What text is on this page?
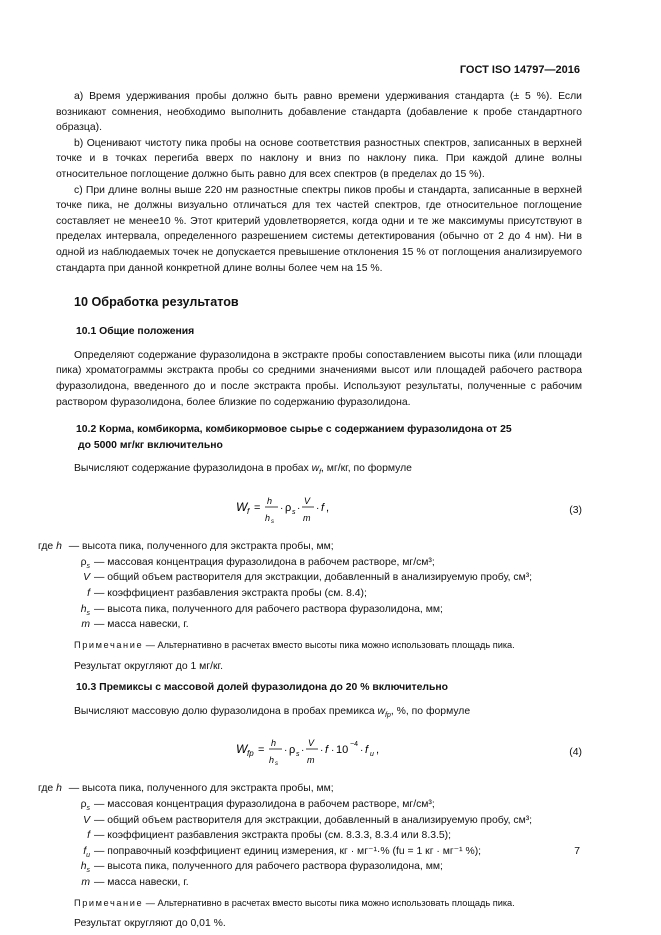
ГОСТ ISO 14797—2016

а) Время удерживания пробы должно быть равно времени удерживания стандарта (± 5 %). Если возникают сомнения, необходимо выполнить добавление стандарта (добавление к пробе стандартного образца).

b) Оценивают чистоту пика пробы на основе соответствия разностных спектров, записанных в верхней точке и в точках перегиба вверх по наклону и вниз по наклону пика. При каждой длине волны относительное поглощение должно быть равно для всех спектров (в пределах до 15 %).

c) При длине волны выше 220 нм разностные спектры пиков пробы и стандарта, записанные в верхней точке пика, не должны визуально отличаться для тех частей спектров, где относительное поглощение составляет не менее10 %. Этот критерий удовлетворяется, когда одни и те же максимумы присутствуют в пределах интервала, определенного разрешением системы детектирования (обычно от 2 до 4 нм). Ни в одной из наблюдаемых точек не допускается превышение отклонения 15 % от поглощения анализируемого стандарта при данной конкретной длине волны более чем на 15 %.

10 Обработка результатов
10.1 Общие положения

Определяют содержание фуразолидона в экстракте пробы сопоставлением высоты пика (или площади пика) хроматограммы экстракта пробы со средними значениями высот или площадей рабочего раствора фуразолидона, введенного до и после экстракта пробы. Используют результаты, полученные с рабочим раствором фуразолидона, более близкие по содержанию фуразолидона.

10.2 Корма, комбикорма, комбикормовое сырье с содержанием фуразолидона от 25
до 5000 мг/кг включительно

Вычисляют содержание фуразолидона в пробах $w_f$, мг/кг, по формуле

W f =
h
h s
· ρ s ·
V
m
· f ,	(3)
где h — высота пика, полученного для экстракта пробы, мм;
$\rho_s$ — массовая концентрация фуразолидона в рабочем растворе, мг/см³;
V — общий объем растворителя для экстракции, добавленный в анализируемую пробу, см³;
f — коэффициент разбавления экстракта пробы (см. 8.4);
$h_s$ — высота пика, полученного для рабочего раствора фуразолидона, мм;
m — масса навески, г.
Примечание — Альтернативно в расчетах вместо высоты пика можно использовать площадь пика.
Результат округляют до 1 мг/кг.
10.3 Премиксы с массовой долей фуразолидона до 20 % включительно

Вычисляют массовую долю фуразолидона в пробах премикса $w_{fp}$, %, по формуле

W fp =
h
h s
· ρ s ·
V
m
· f · 10 −4
· f u ,	(4)
где h — высота пика, полученного для экстракта пробы, мм;
$\rho_s$ — массовая концентрация фуразолидона в рабочем растворе, мг/см³;
V — общий объем растворителя для экстракции, добавленный в анализируемую пробу, см³;
f — коэффициент разбавления экстракта пробы (см. 8.3.3, 8.3.4 или 8.3.5);
$f_u$ — поправочный коэффициент единиц измерения, кг · мг⁻¹·% (fu = 1 кг · мг⁻¹ %);
$h_s$ — высота пика, полученного для рабочего раствора фуразолидона, мм;
m — масса навески, г.
Примечание — Альтернативно в расчетах вместо высоты пика можно использовать площадь пика.
Результат округляют до 0,01 %.
7
